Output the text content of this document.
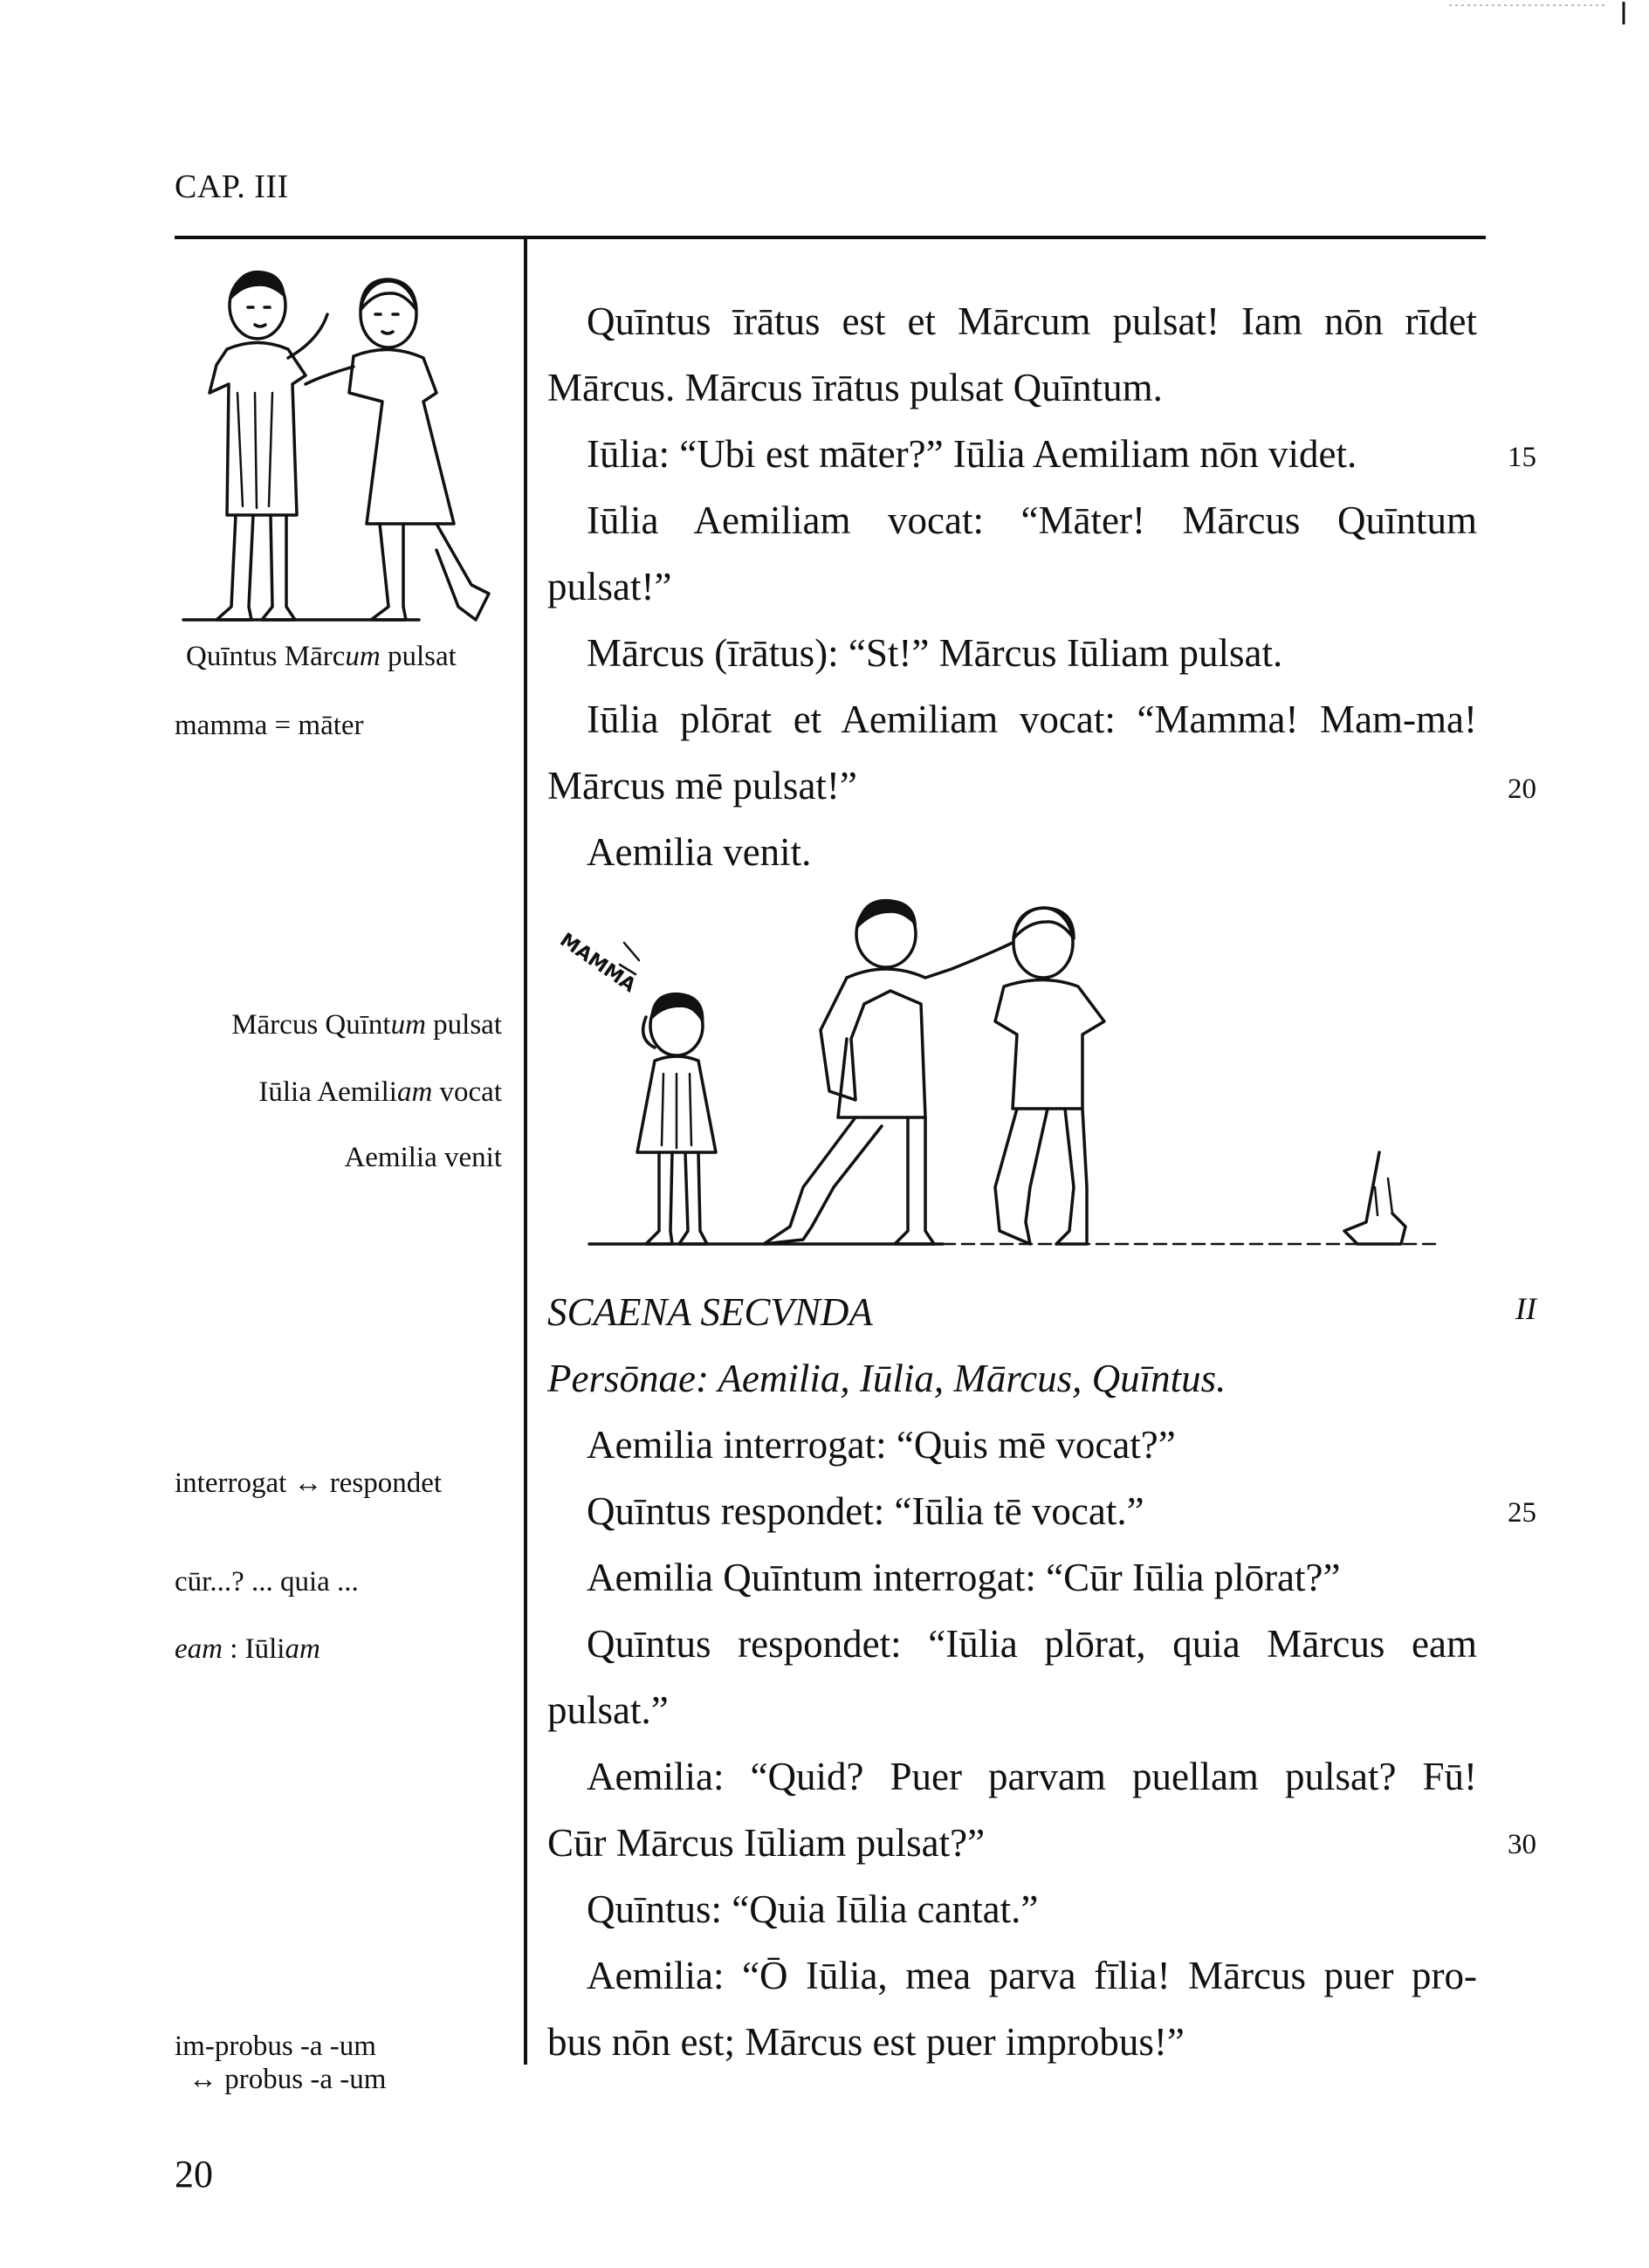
CAP. III
Quīntus Mārcum pulsat
mamma = māter
Mārcus Quīntum pulsat
Iūlia Aemiliam vocat
Aemilia venit
interrogat ↔ respondet
cūr...? ... quia ...
eam : Iūliam
im-probus -a -um
↔ probus -a -um
Quīntus īrātus est et Mārcum pulsat! Iam nōn rīdet
Mārcus. Mārcus īrātus pulsat Quīntum.
Iūlia: “Ubi est māter?” Iūlia Aemiliam nōn videt.
Iūlia Aemiliam vocat: “Māter! Mārcus Quīntum
pulsat!”
Mārcus (īrātus): “St!” Mārcus Iūliam pulsat.
Iūlia plōrat et Aemiliam vocat: “Mamma! Mam-ma!
Mārcus mē pulsat!”
Aemilia venit.
15
20
MAMMA
SCAENA SECVNDA
Persōnae: Aemilia, Iūlia, Mārcus, Quīntus.
Aemilia interrogat: “Quis mē vocat?”
Quīntus respondet: “Iūlia tē vocat.”
Aemilia Quīntum interrogat: “Cūr Iūlia plōrat?”
Quīntus respondet: “Iūlia plōrat, quia Mārcus eam
pulsat.”
Aemilia: “Quid? Puer parvam puellam pulsat? Fū!
Cūr Mārcus Iūliam pulsat?”
Quīntus: “Quia Iūlia cantat.”
Aemilia: “Ō Iūlia, mea parva fīlia! Mārcus puer pro-
bus nōn est; Mārcus est puer improbus!”
II
25
30
20
